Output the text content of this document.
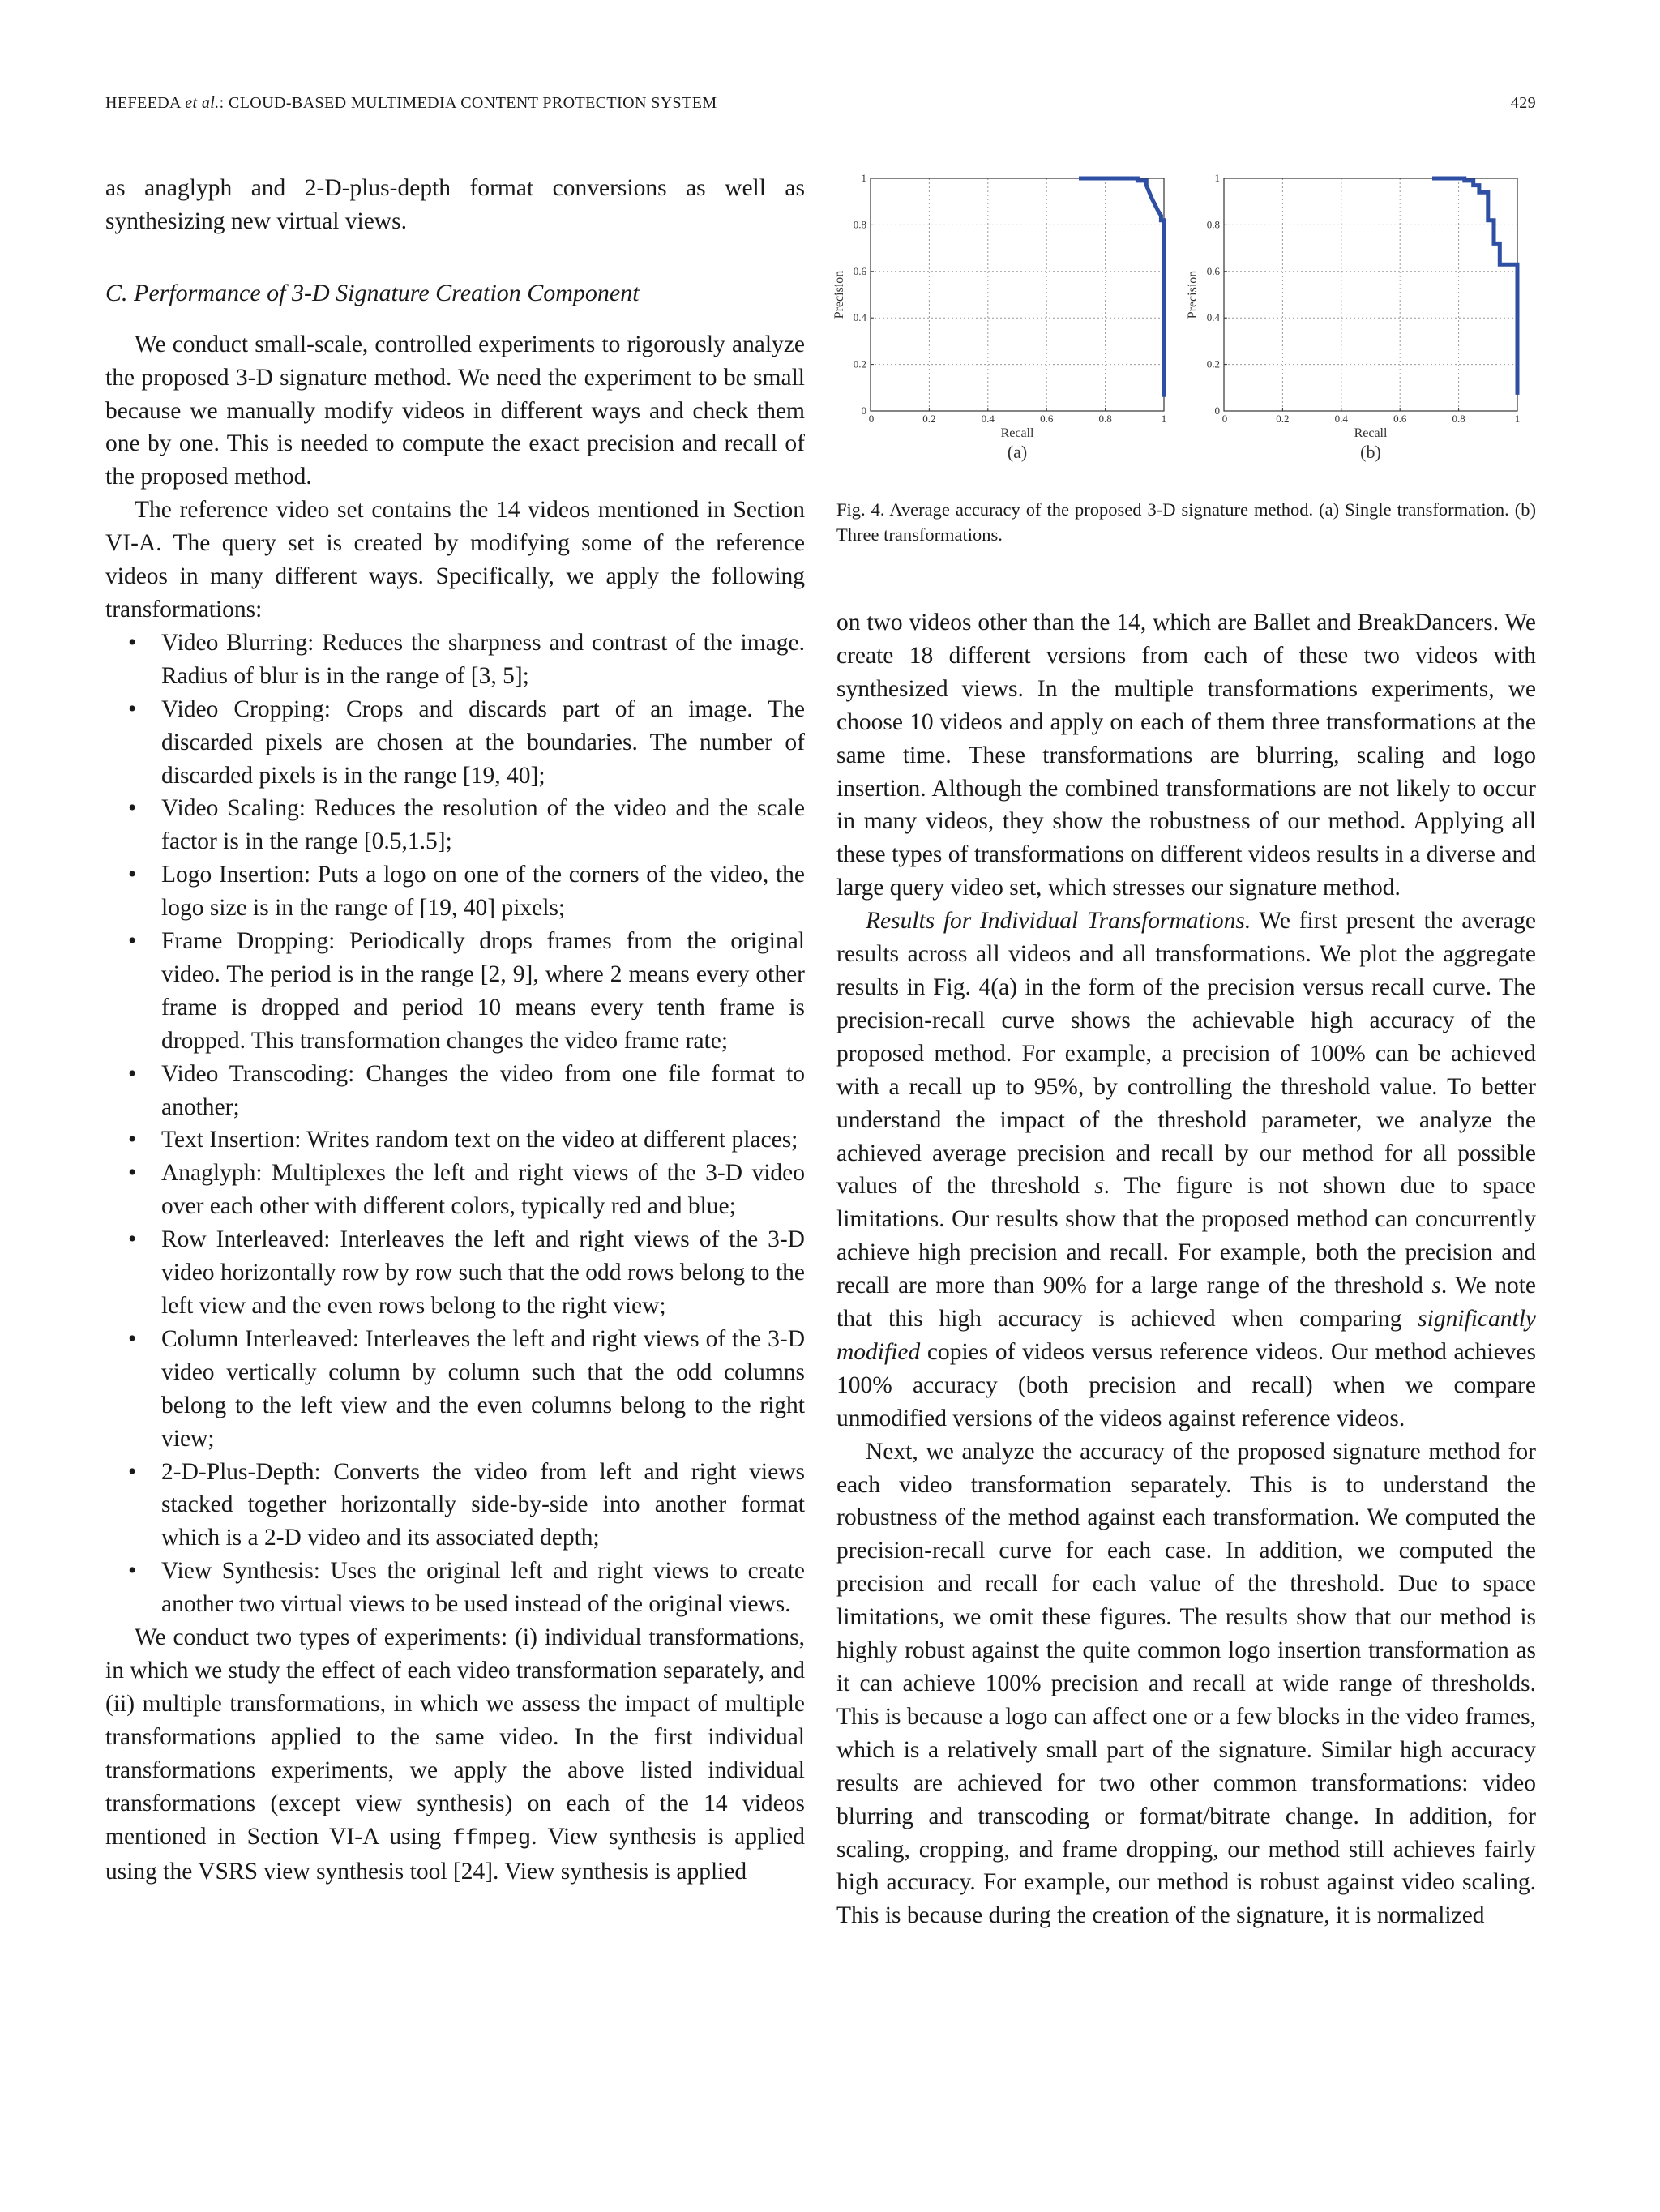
HEFEEDA et al.: CLOUD-BASED MULTIMEDIA CONTENT PROTECTION SYSTEM	429

as anaglyph and 2-D-plus-depth format conversions as well as synthesizing new virtual views.

C. Performance of 3-D Signature Creation Component

We conduct small-scale, controlled experiments to rigorously analyze the proposed 3-D signature method. We need the experiment to be small because we manually modify videos in different ways and check them one by one. This is needed to compute the exact precision and recall of the proposed method.

The reference video set contains the 14 videos mentioned in Section VI-A. The query set is created by modifying some of the reference videos in many different ways. Specifically, we apply the following transformations:

• Video Blurring: Reduces the sharpness and contrast of the image. Radius of blur is in the range of [3, 5];
• Video Cropping: Crops and discards part of an image. The discarded pixels are chosen at the boundaries. The number of discarded pixels is in the range [19, 40];
• Video Scaling: Reduces the resolution of the video and the scale factor is in the range [0.5,1.5];
• Logo Insertion: Puts a logo on one of the corners of the video, the logo size is in the range of [19, 40] pixels;
• Frame Dropping: Periodically drops frames from the original video. The period is in the range [2, 9], where 2 means every other frame is dropped and period 10 means every tenth frame is dropped. This transformation changes the video frame rate;
• Video Transcoding: Changes the video from one file format to another;
• Text Insertion: Writes random text on the video at different places;
• Anaglyph: Multiplexes the left and right views of the 3-D video over each other with different colors, typically red and blue;
• Row Interleaved: Interleaves the left and right views of the 3-D video horizontally row by row such that the odd rows belong to the left view and the even rows belong to the right view;
• Column Interleaved: Interleaves the left and right views of the 3-D video vertically column by column such that the odd columns belong to the left view and the even columns belong to the right view;
• 2-D-Plus-Depth: Converts the video from left and right views stacked together horizontally side-by-side into another format which is a 2-D video and its associated depth;
• View Synthesis: Uses the original left and right views to create another two virtual views to be used instead of the original views.

We conduct two types of experiments: (i) individual transformations, in which we study the effect of each video transformation separately, and (ii) multiple transformations, in which we assess the impact of multiple transformations applied to the same video. In the first individual transformations experiments, we apply the above listed individual transformations (except view synthesis) on each of the 14 videos mentioned in Section VI-A using ffmpeg. View synthesis is applied using the VSRS view synthesis tool [24]. View synthesis is applied

0	0.2	0.4	0.6	0.8	1
0
0.2
0.4
0.6
0.8
1
Recall
Precision
(a)
0	0.2	0.4	0.6	0.8	1
0
0.2
0.4
0.6
0.8
1
Recall
Precision
(b)

Fig. 4. Average accuracy of the proposed 3-D signature method. (a) Single transformation. (b) Three transformations.

on two videos other than the 14, which are Ballet and BreakDancers. We create 18 different versions from each of these two videos with synthesized views. In the multiple transformations experiments, we choose 10 videos and apply on each of them three transformations at the same time. These transformations are blurring, scaling and logo insertion. Although the combined transformations are not likely to occur in many videos, they show the robustness of our method. Applying all these types of transformations on different videos results in a diverse and large query video set, which stresses our signature method.

Results for Individual Transformations. We first present the average results across all videos and all transformations. We plot the aggregate results in Fig. 4(a) in the form of the precision versus recall curve. The precision-recall curve shows the achievable high accuracy of the proposed method. For example, a precision of 100% can be achieved with a recall up to 95%, by controlling the threshold value. To better understand the impact of the threshold parameter, we analyze the achieved average precision and recall by our method for all possible values of the threshold s. The figure is not shown due to space limitations. Our results show that the proposed method can concurrently achieve high precision and recall. For example, both the precision and recall are more than 90% for a large range of the threshold s. We note that this high accuracy is achieved when comparing significantly modified copies of videos versus reference videos. Our method achieves 100% accuracy (both precision and recall) when we compare unmodified versions of the videos against reference videos.

Next, we analyze the accuracy of the proposed signature method for each video transformation separately. This is to understand the robustness of the method against each transformation. We computed the precision-recall curve for each case. In addition, we computed the precision and recall for each value of the threshold. Due to space limitations, we omit these figures. The results show that our method is highly robust against the quite common logo insertion transformation as it can achieve 100% precision and recall at wide range of thresholds. This is because a logo can affect one or a few blocks in the video frames, which is a relatively small part of the signature. Similar high accuracy results are achieved for two other common transformations: video blurring and transcoding or format/bitrate change. In addition, for scaling, cropping, and frame dropping, our method still achieves fairly high accuracy. For example, our method is robust against video scaling. This is because during the creation of the signature, it is normalized
